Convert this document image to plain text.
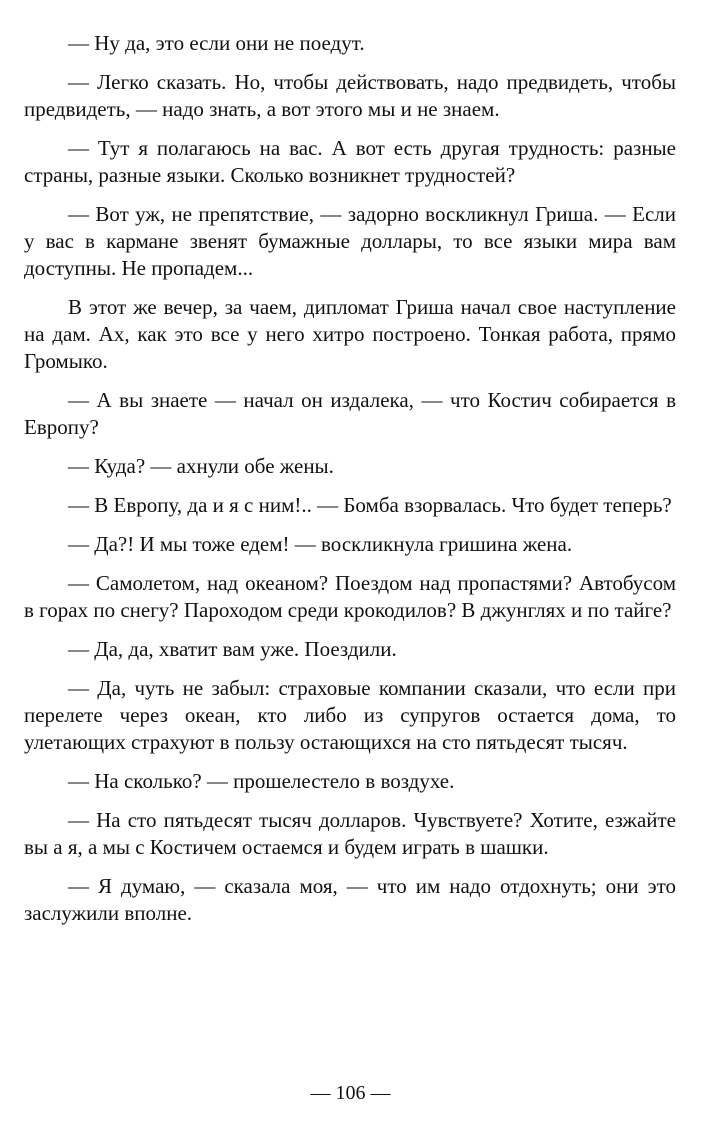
— Ну да, это если они не поедут.

— Легко сказать. Но, чтобы действовать, надо предвидеть, чтобы предвидеть, — надо знать, а вот этого мы и не знаем.

— Тут я полагаюсь на вас. А вот есть другая трудность: разные страны, разные языки. Сколько возникнет трудностей?

— Вот уж, не препятствие, — задорно воскликнул Гриша. — Если у вас в кармане звенят бумажные доллары, то все языки мира вам доступны. Не пропадем...

В этот же вечер, за чаем, дипломат Гриша начал свое наступление на дам. Ах, как это все у него хитро построено. Тонкая работа, прямо Громыко.

— А вы знаете — начал он издалека, — что Костич собирается в Европу?

— Куда? — ахнули обе жены.

— В Европу, да и я с ним!.. — Бомба взорвалась. Что будет теперь?

— Да?! И мы тоже едем! — воскликнула гришина жена.

— Самолетом, над океаном? Поездом над пропастями? Автобусом в горах по снегу? Пароходом среди крокодилов? В джунглях и по тайге?

— Да, да, хватит вам уже. Поездили.

— Да, чуть не забыл: страховые компании сказали, что если при перелете через океан, кто либо из супругов остается дома, то улетающих страхуют в пользу остающихся на сто пятьдесят тысяч.

— На сколько? — прошелестело в воздухе.

— На сто пятьдесят тысяч долларов. Чувствуете? Хотите, езжайте вы а я, а мы с Костичем остаемся и будем играть в шашки.

— Я думаю, — сказала моя, — что им надо отдохнуть; они это заслужили вполне.

— 106 —
